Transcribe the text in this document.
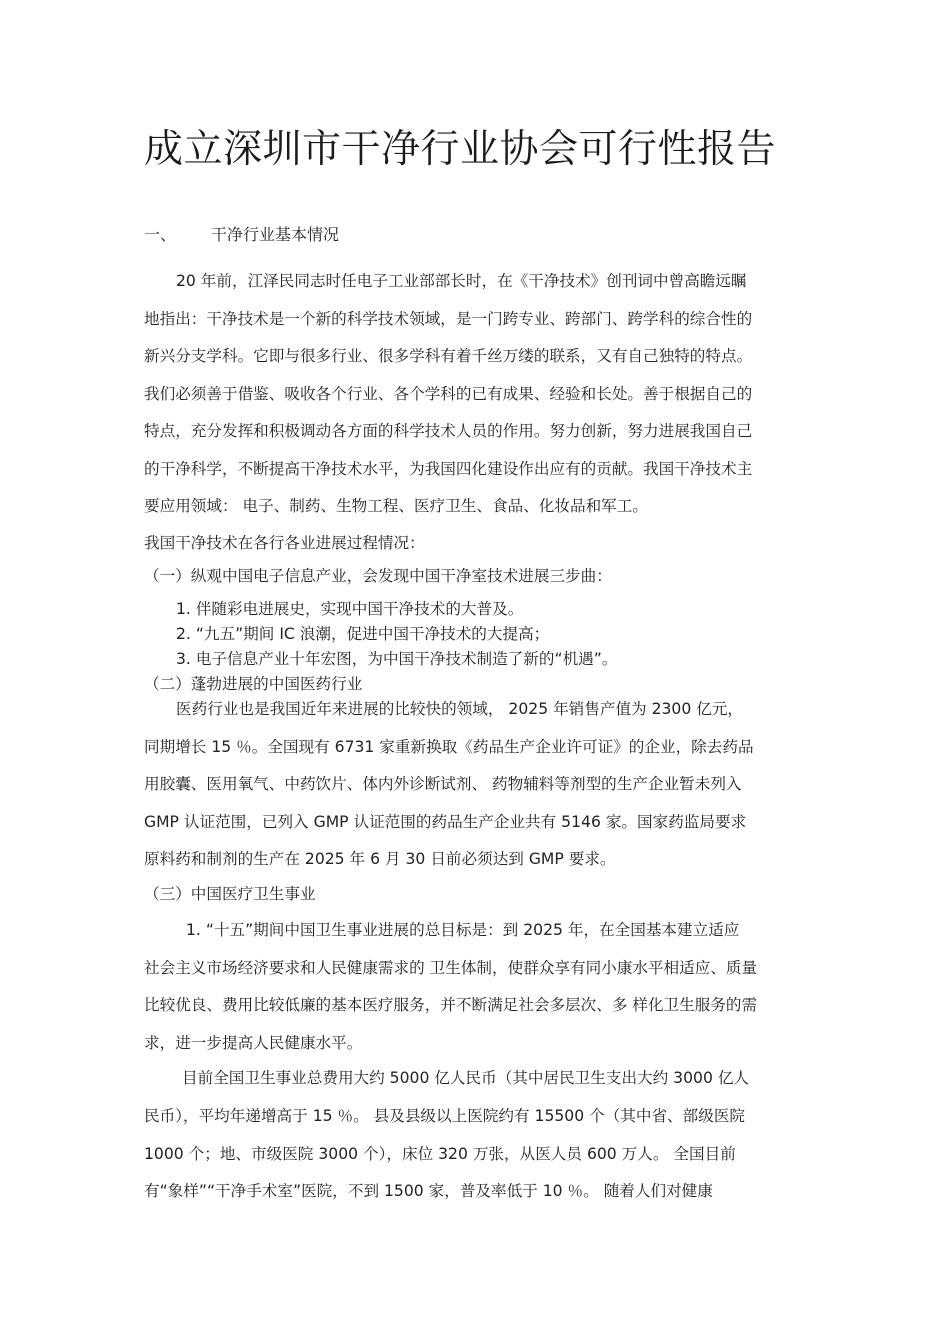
成立深圳市干净行业协会可行性报告
一、 干净行业基本情况
20 年前，江泽民同志时任电子工业部部长时，在《干净技术》创刊词中曾高瞻远瞩
地指出：干净技术是一个新的科学技术领域，是一门跨专业、跨部门、跨学科的综合性的
新兴分支学科。它即与很多行业、很多学科有着千丝万缕的联系，又有自己独特的特点。
我们必须善于借鉴、吸收各个行业、各个学科的已有成果、经验和长处。善于根据自己的
特点，充分发挥和积极调动各方面的科学技术人员的作用。努力创新，努力进展我国自己
的干净科学，不断提高干净技术水平，为我国四化建设作出应有的贡献。我国干净技术主
要应用领域： 电子、制药、生物工程、医疗卫生、食品、化妆品和军工。
我国干净技术在各行各业进展过程情况：
（一）纵观中国电子信息产业，会发现中国干净室技术进展三步曲：
1. 伴随彩电进展史，实现中国干净技术的大普及。
2. “九五”期间 IC 浪潮，促进中国干净技术的大提高；
3. 电子信息产业十年宏图，为中国干净技术制造了新的“机遇”。
（二）蓬勃进展的中国医药行业
医药行业也是我国近年来进展的比较快的领域， 2025 年销售产值为 2300 亿元，
同期增长 15 ％。全国现有 6731 家重新换取《药品生产企业许可证》的企业，除去药品
用胶囊、医用氧气、中药饮片、体内外诊断试剂、 药物辅料等剂型的生产企业暂未列入
GMP 认证范围，已列入 GMP 认证范围的药品生产企业共有 5146 家。国家药监局要求
原料药和制剂的生产在 2025 年 6 月 30 日前必须达到 GMP 要求。
（三）中国医疗卫生事业
1. “十五”期间中国卫生事业进展的总目标是：到 2025 年，在全国基本建立适应
社会主义市场经济要求和人民健康需求的 卫生体制，使群众享有同小康水平相适应、质量
比较优良、费用比较低廉的基本医疗服务，并不断满足社会多层次、多 样化卫生服务的需
求，进一步提高人民健康水平。
目前全国卫生事业总费用大约 5000 亿人民币（其中居民卫生支出大约 3000 亿人
民币），平均年递增高于 15 ％。 县及县级以上医院约有 15500 个（其中省、部级医院
1000 个；地、市级医院 3000 个），床位 320 万张，从医人员 600 万人。 全国目前
有“象样”“干净手术室”医院，不到 1500 家，普及率低于 10 ％。 随着人们对健康
